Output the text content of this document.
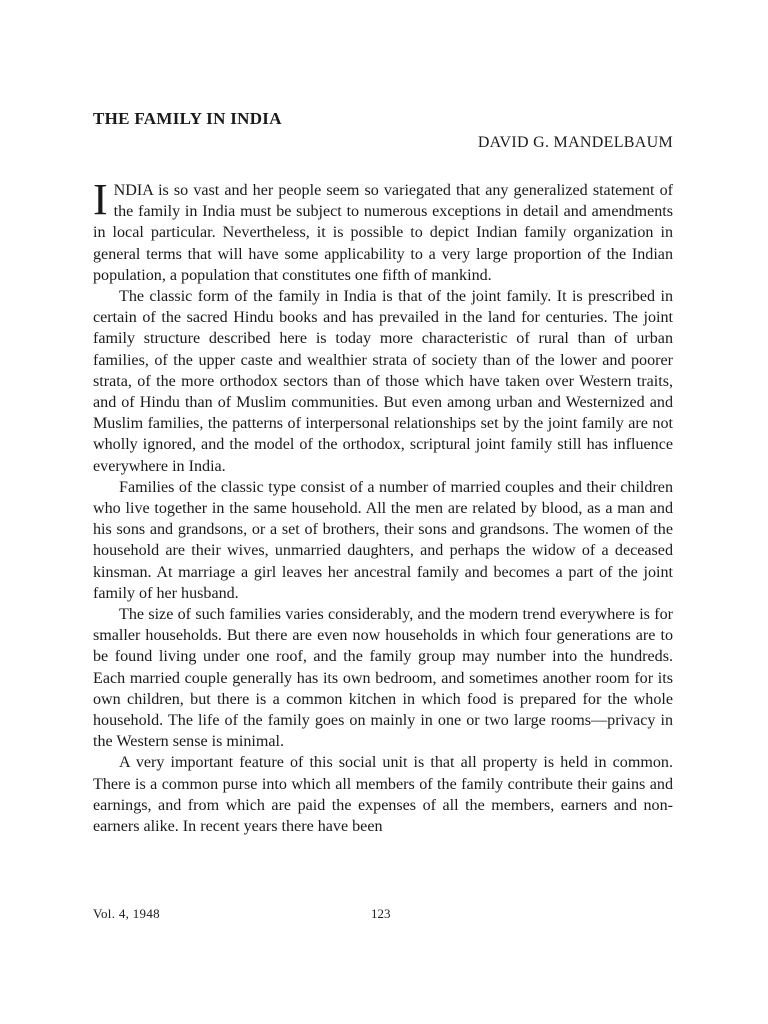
THE FAMILY IN INDIA
DAVID G. MANDELBAUM

I NDIA is so vast and her people seem so variegated that any generalized statement of the family in India must be subject to numerous exceptions in detail and amendments in local particular. Nevertheless, it is possible to depict Indian family organization in general terms that will have some applicability to a very large proportion of the Indian population, a population that constitutes one fifth of mankind.

The classic form of the family in India is that of the joint family. It is prescribed in certain of the sacred Hindu books and has prevailed in the land for centuries. The joint family structure described here is today more characteristic of rural than of urban families, of the upper caste and wealthier strata of society than of the lower and poorer strata, of the more orthodox sectors than of those which have taken over Western traits, and of Hindu than of Muslim communities. But even among urban and Westernized and Muslim families, the patterns of interpersonal relationships set by the joint family are not wholly ignored, and the model of the orthodox, scriptural joint family still has influence everywhere in India.

Families of the classic type consist of a number of married couples and their children who live together in the same household. All the men are related by blood, as a man and his sons and grandsons, or a set of brothers, their sons and grandsons. The women of the household are their wives, unmarried daughters, and perhaps the widow of a deceased kinsman. At marriage a girl leaves her ancestral family and becomes a part of the joint family of her husband.

The size of such families varies considerably, and the modern trend everywhere is for smaller households. But there are even now households in which four generations are to be found living under one roof, and the family group may number into the hundreds. Each married couple generally has its own bedroom, and sometimes another room for its own children, but there is a common kitchen in which food is prepared for the whole household. The life of the family goes on mainly in one or two large rooms—privacy in the Western sense is minimal.

A very important feature of this social unit is that all property is held in common. There is a common purse into which all members of the family contribute their gains and earnings, and from which are paid the expenses of all the members, earners and non-earners alike. In recent years there have been

Vol. 4, 1948	123
